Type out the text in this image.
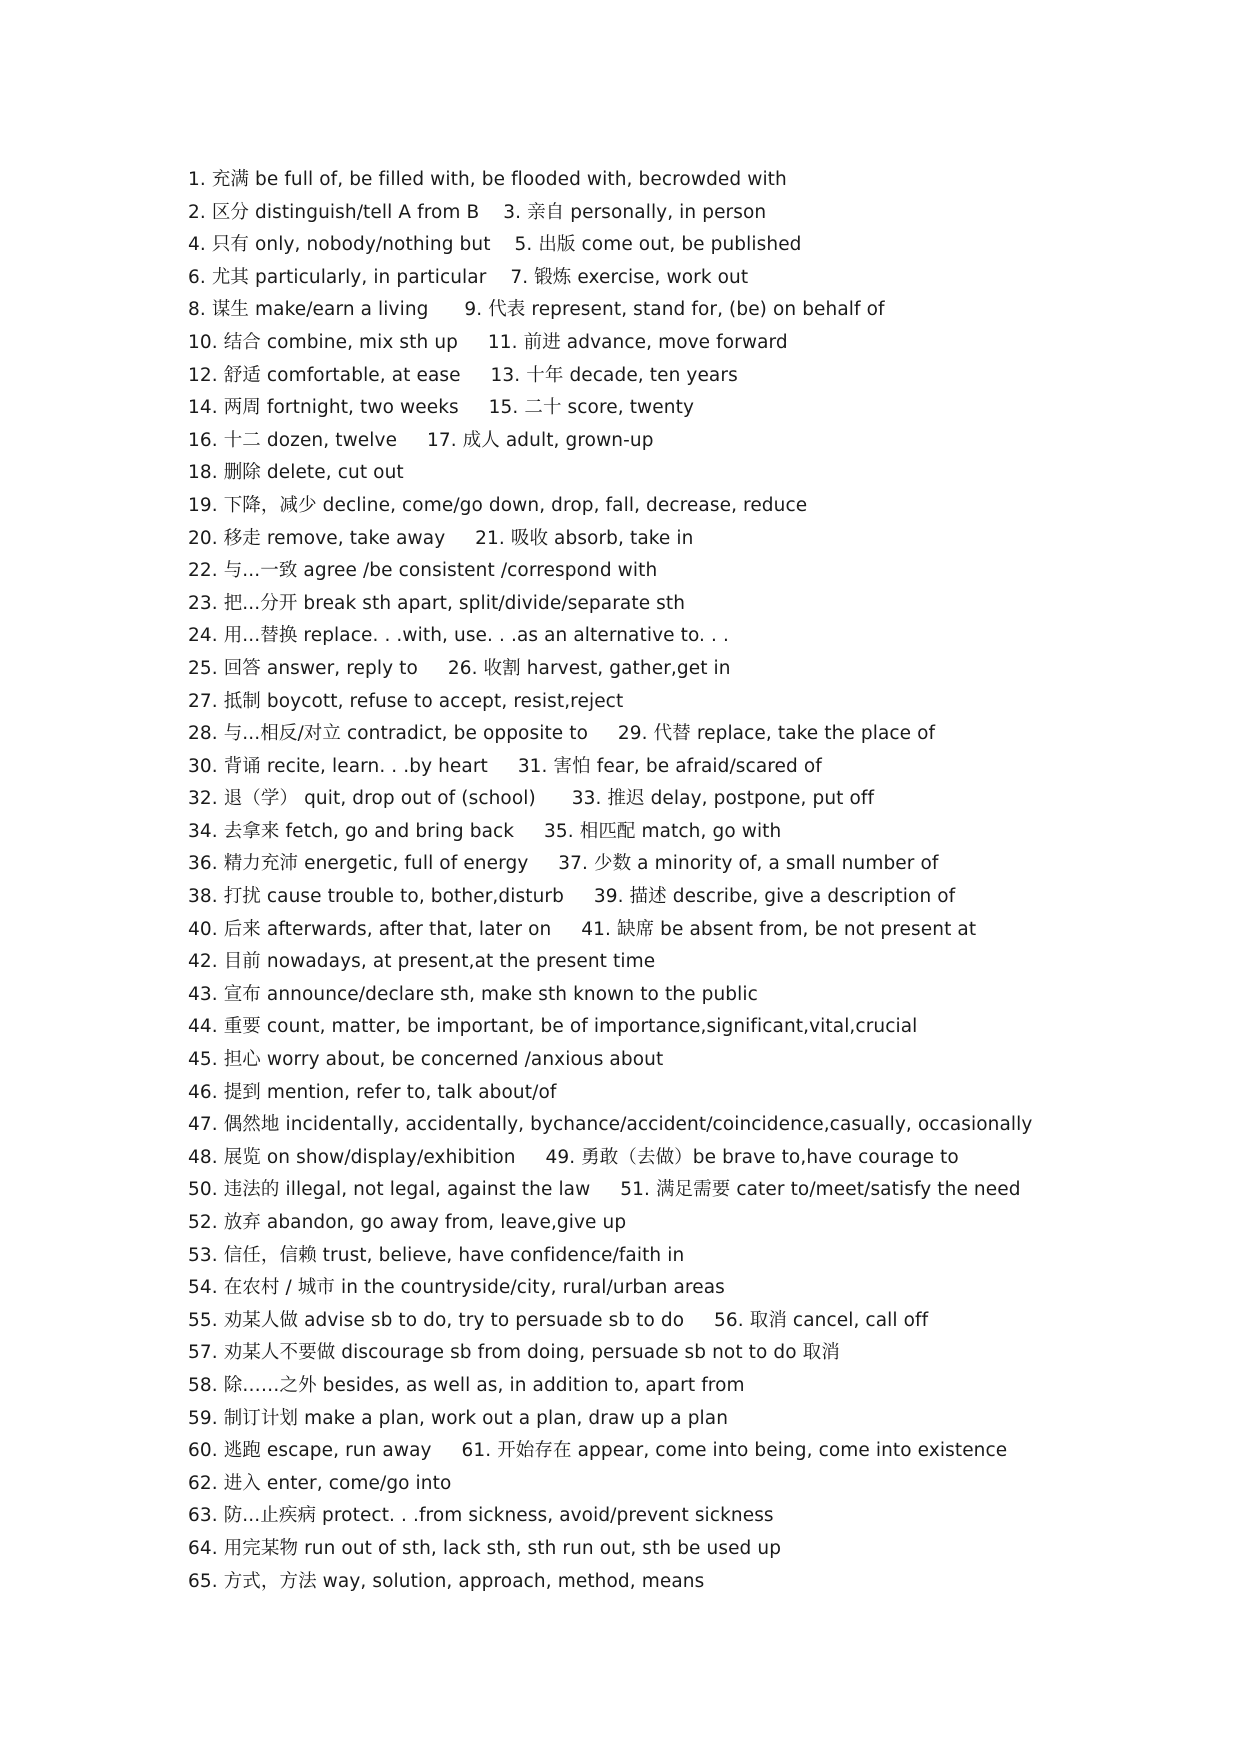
1. 充满 be full of, be filled with, be flooded with, becrowded with
2. 区分 distinguish/tell A from B    3. 亲自 personally, in person
4. 只有 only, nobody/nothing but    5. 出版 come out, be published
6. 尤其 particularly, in particular    7. 锻炼 exercise, work out
8. 谋生 make/earn a living      9. 代表 represent, stand for, (be) on behalf of
10. 结合 combine, mix sth up     11. 前进 advance, move forward
12. 舒适 comfortable, at ease     13. 十年 decade, ten years
14. 两周 fortnight, two weeks     15. 二十 score, twenty
16. 十二 dozen, twelve     17. 成人 adult, grown-up
18. 删除 delete, cut out
19. 下降，减少 decline, come/go down, drop, fall, decrease, reduce
20. 移走 remove, take away     21. 吸收 absorb, take in
22. 与...一致 agree /be consistent /correspond with
23. 把...分开 break sth apart, split/divide/separate sth
24. 用...替换 replace. . .with, use. . .as an alternative to. . .
25. 回答 answer, reply to     26. 收割 harvest, gather,get in
27. 抵制 boycott, refuse to accept, resist,reject
28. 与...相反/对立 contradict, be opposite to     29. 代替 replace, take the place of
30. 背诵 recite, learn. . .by heart     31. 害怕 fear, be afraid/scared of
32. 退（学） quit, drop out of (school)      33. 推迟 delay, postpone, put off
34. 去拿来 fetch, go and bring back     35. 相匹配 match, go with
36. 精力充沛 energetic, full of energy     37. 少数 a minority of, a small number of
38. 打扰 cause trouble to, bother,disturb     39. 描述 describe, give a description of
40. 后来 afterwards, after that, later on     41. 缺席 be absent from, be not present at
42. 目前 nowadays, at present,at the present time
43. 宣布 announce/declare sth, make sth known to the public
44. 重要 count, matter, be important, be of importance,significant,vital,crucial
45. 担心 worry about, be concerned /anxious about
46. 提到 mention, refer to, talk about/of
47. 偶然地 incidentally, accidentally, bychance/accident/coincidence,casually, occasionally
48. 展览 on show/display/exhibition     49. 勇敢（去做）be brave to,have courage to
50. 违法的 illegal, not legal, against the law     51. 满足需要 cater to/meet/satisfy the need
52. 放弃 abandon, go away from, leave,give up
53. 信任，信赖 trust, believe, have confidence/faith in
54. 在农村 / 城市 in the countryside/city, rural/urban areas
55. 劝某人做 advise sb to do, try to persuade sb to do     56. 取消 cancel, call off
57. 劝某人不要做 discourage sb from doing, persuade sb not to do 取消
58. 除……之外 besides, as well as, in addition to, apart from
59. 制订计划 make a plan, work out a plan, draw up a plan
60. 逃跑 escape, run away     61. 开始存在 appear, come into being, come into existence
62. 进入 enter, come/go into
63. 防...止疾病 protect. . .from sickness, avoid/prevent sickness
64. 用完某物 run out of sth, lack sth, sth run out, sth be used up
65. 方式，方法 way, solution, approach, method, means
